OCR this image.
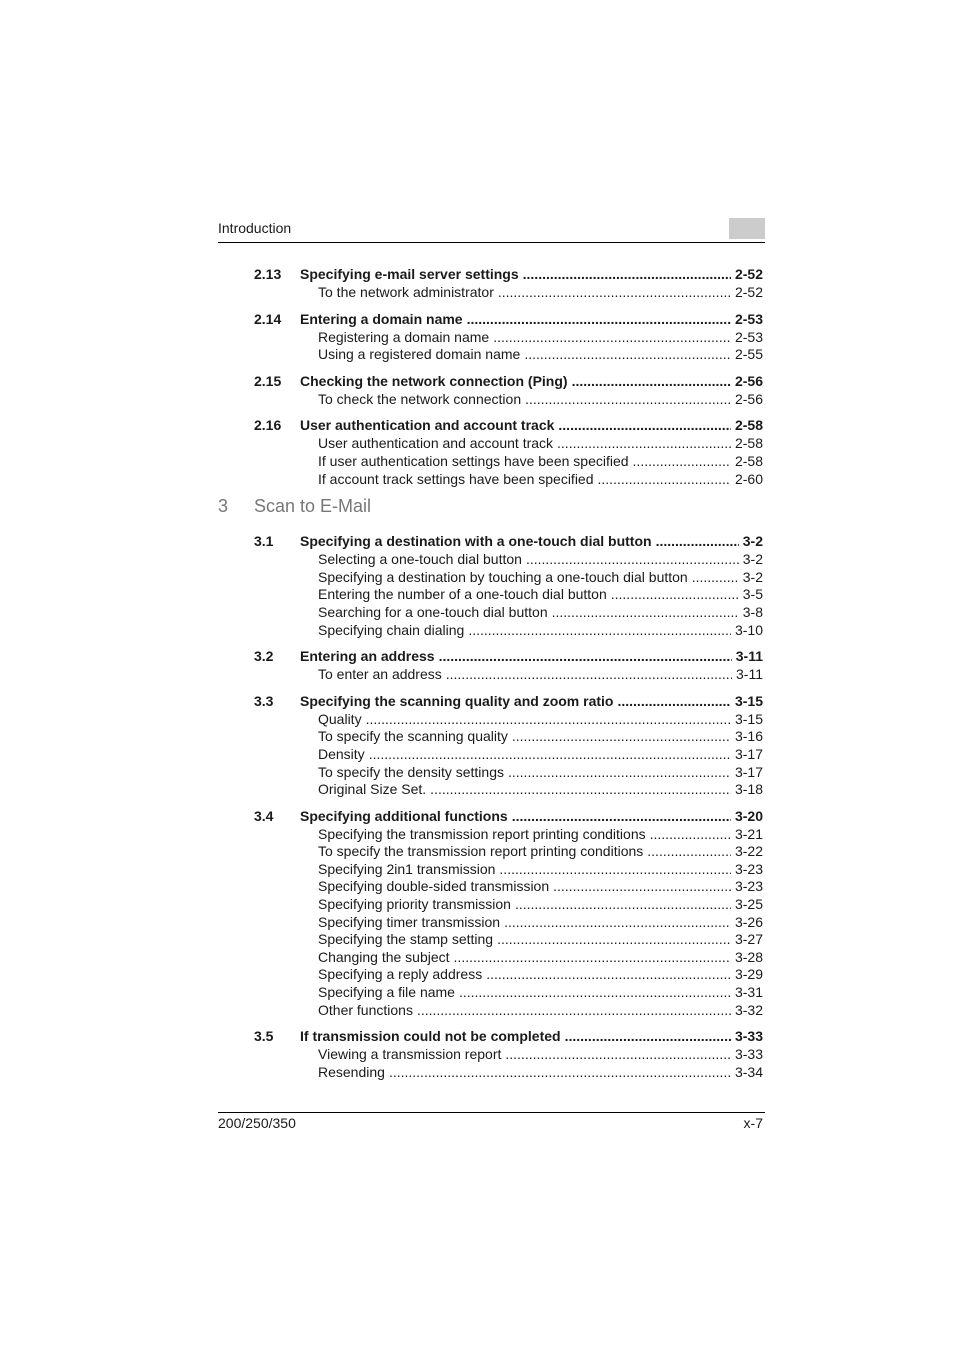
Introduction
2.13 Specifying e-mail server settings .....	2-52
To the network administrator .....	2-52
2.14 Entering a domain name .....	2-53
Registering a domain name .....	2-53
Using a registered domain name .....	2-55
2.15 Checking the network connection (Ping) .....	2-56
To check the network connection .....	2-56
2.16 User authentication and account track .....	2-58
User authentication and account track .....	2-58
If user authentication settings have been specified .....	2-58
If account track settings have been specified .....	2-60
3 Scan to E-Mail
3.1 Specifying a destination with a one-touch dial button .....	3-2
Selecting a one-touch dial button .....	3-2
Specifying a destination by touching a one-touch dial button .....	3-2
Entering the number of a one-touch dial button .....	3-5
Searching for a one-touch dial button .....	3-8
Specifying chain dialing .....	3-10
3.2 Entering an address .....	3-11
To enter an address .....	3-11
3.3 Specifying the scanning quality and zoom ratio .....	3-15
Quality .....	3-15
To specify the scanning quality .....	3-16
Density .....	3-17
To specify the density settings .....	3-17
Original Size Set. .....	3-18
3.4 Specifying additional functions .....	3-20
Specifying the transmission report printing conditions .....	3-21
To specify the transmission report printing conditions .....	3-22
Specifying 2in1 transmission .....	3-23
Specifying double-sided transmission .....	3-23
Specifying priority transmission .....	3-25
Specifying timer transmission .....	3-26
Specifying the stamp setting .....	3-27
Changing the subject .....	3-28
Specifying a reply address .....	3-29
Specifying a file name .....	3-31
Other functions .....	3-32
3.5 If transmission could not be completed .....	3-33
Viewing a transmission report .....	3-33
Resending .....	3-34
200/250/350	x-7
